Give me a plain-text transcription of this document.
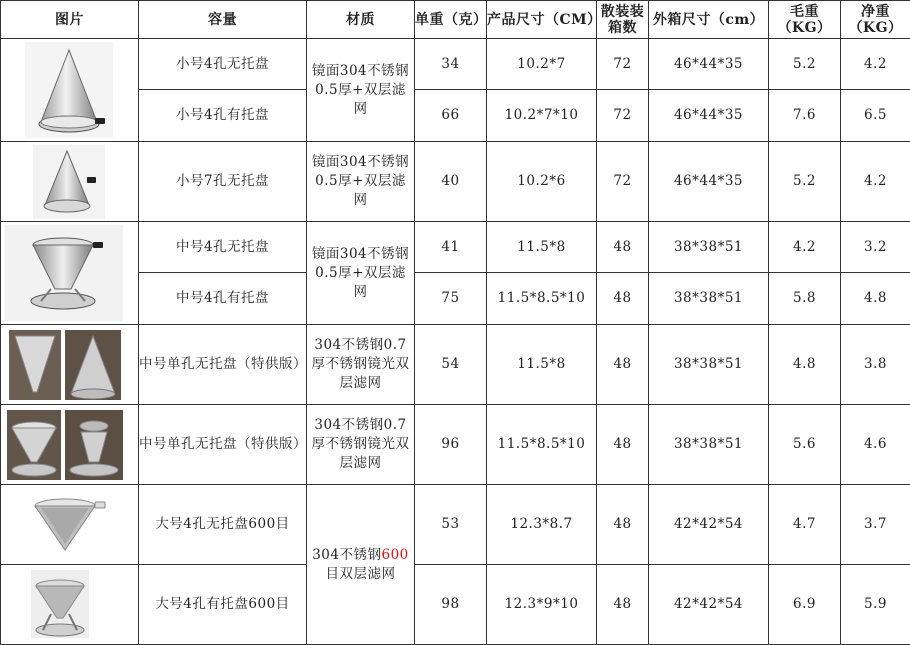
图片	容量	材质	单重（克）	产品尺寸（CM）	散装装箱数	外箱尺寸（cm）	毛重（KG）	净重（KG）

	小号4孔无托盘	镜面304不锈钢0.5厚+双层滤网	34	10.2*7	72	46*44*35	5.2	4.2
	小号4孔有托盘		66	10.2*7*10	72	46*44*35	7.6	6.5

	小号7孔无托盘	镜面304不锈钢0.5厚+双层滤网	40	10.2*6	72	46*44*35	5.2	4.2

	中号4孔无托盘	镜面304不锈钢0.5厚+双层滤网	41	11.5*8	48	38*38*51	4.2	3.2
	中号4孔有托盘		75	11.5*8.5*10	48	38*38*51	5.8	4.8

	中号单孔无托盘（特供版）	304不锈钢0.7厚不锈钢镜光双层滤网	54	11.5*8	48	38*38*51	4.8	3.8

	中号单孔无托盘（特供版）	304不锈钢0.7厚不锈钢镜光双层滤网	96	11.5*8.5*10	48	38*38*51	5.6	4.6

	大号4孔无托盘600目	304不锈钢600目双层滤网	53	12.3*8.7	48	42*42*54	4.7	3.7

	大号4孔有托盘600目		98	12.3*9*10	48	42*42*54	6.9	5.9
